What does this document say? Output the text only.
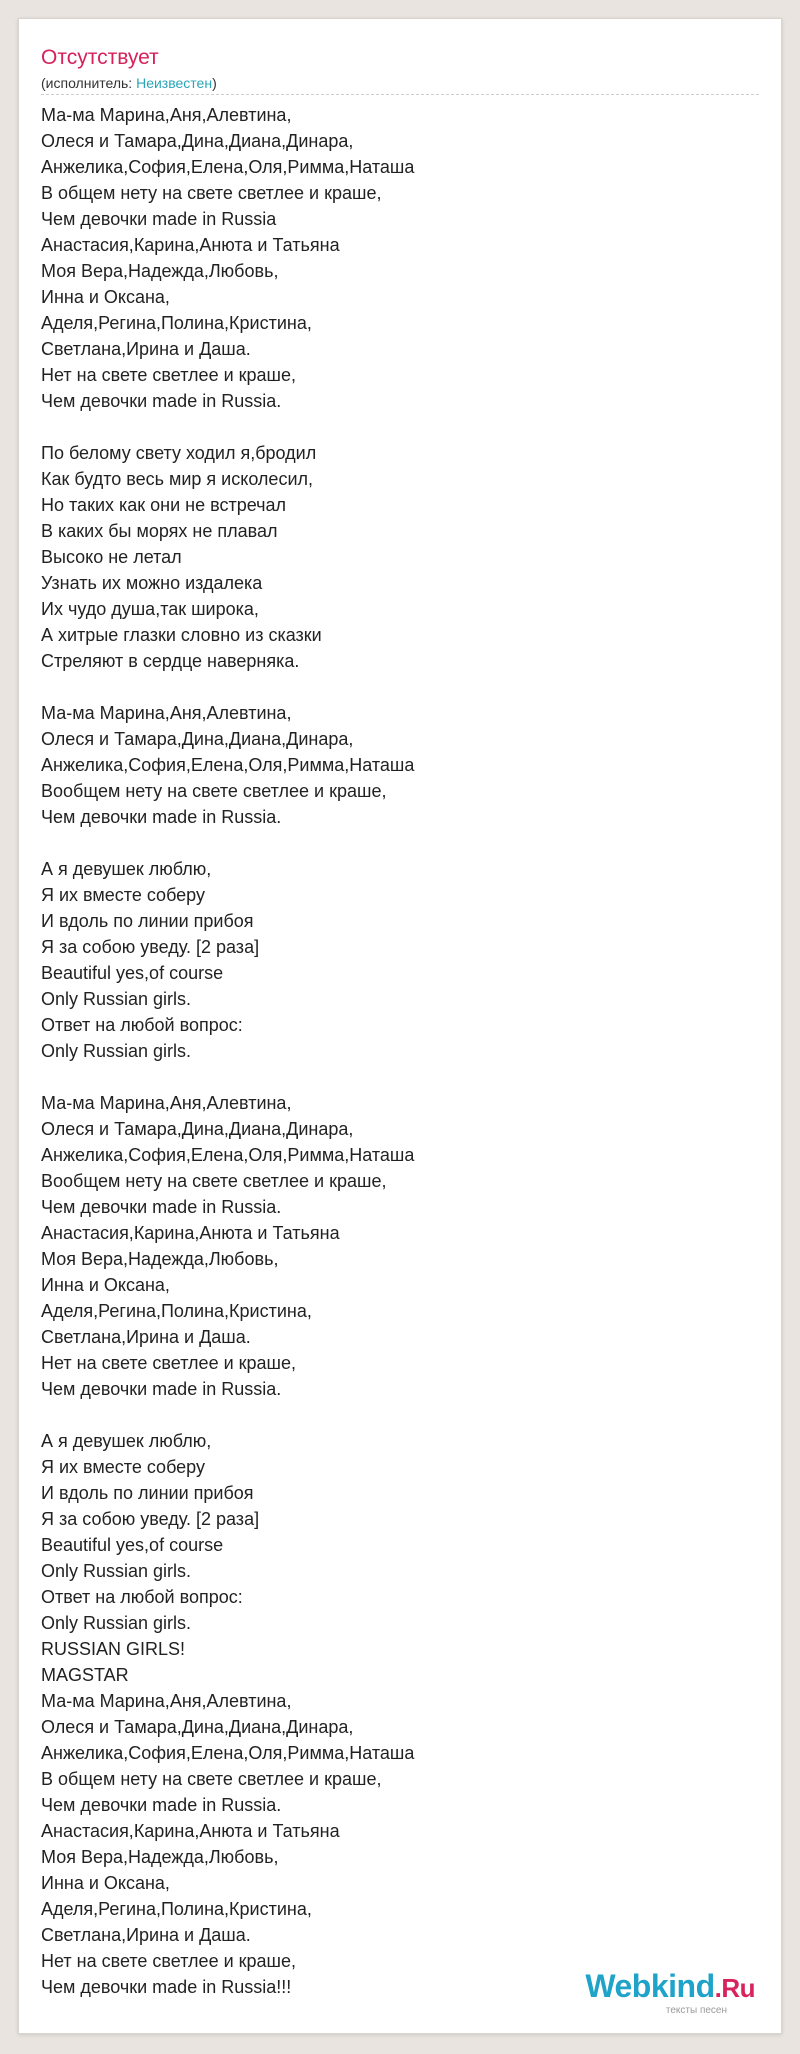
Отсутствует
(исполнитель: Неизвестен)
Ма-ма Марина,Аня,Алевтина,
Олеся и Тамара,Дина,Диана,Динара,
Анжелика,София,Елена,Оля,Римма,Наташа
В общем нету на свете светлее и краше,
Чем девочки made in Russia
Анастасия,Карина,Анюта и Татьяна
Моя Вера,Надежда,Любовь,
Инна и Оксана,
Аделя,Регина,Полина,Кристина,
Светлана,Ирина и Даша.
Нет на свете светлее и краше,
Чем девочки made in Russia.
По белому свету ходил я,бродил
Как будто весь мир я исколесил,
Но таких как они не встречал
В каких бы морях не плавал
Высоко не летал
Узнать их можно издалека
Их чудо душа,так широка,
А хитрые глазки словно из сказки
Стреляют в сердце наверняка.
Ма-ма Марина,Аня,Алевтина,
Олеся и Тамара,Дина,Диана,Динара,
Анжелика,София,Елена,Оля,Римма,Наташа
Вообщем нету на свете светлее и краше,
Чем девочки made in Russia.
А я девушек люблю,
Я их вместе соберу
И вдоль по линии прибоя
Я за собою уведу. [2 раза]
Beautiful yes,of course
Only Russian girls.
Ответ на любой вопрос:
Only Russian girls.
Ма-ма Марина,Аня,Алевтина,
Олеся и Тамара,Дина,Диана,Динара,
Анжелика,София,Елена,Оля,Римма,Наташа
Вообщем нету на свете светлее и краше,
Чем девочки made in Russia.
Анастасия,Карина,Анюта и Татьяна
Моя Вера,Надежда,Любовь,
Инна и Оксана,
Аделя,Регина,Полина,Кристина,
Светлана,Ирина и Даша.
Нет на свете светлее и краше,
Чем девочки made in Russia.
А я девушек люблю,
Я их вместе соберу
И вдоль по линии прибоя
Я за собою уведу. [2 раза]
Beautiful yes,of course
Only Russian girls.
Ответ на любой вопрос:
Only Russian girls.
RUSSIAN GIRLS!
MAGSTAR
Ма-ма Марина,Аня,Алевтина,
Олеся и Тамара,Дина,Диана,Динара,
Анжелика,София,Елена,Оля,Римма,Наташа
В общем нету на свете светлее и краше,
Чем девочки made in Russia.
Анастасия,Карина,Анюта и Татьяна
Моя Вера,Надежда,Любовь,
Инна и Оксана,
Аделя,Регина,Полина,Кристина,
Светлана,Ирина и Даша.
Нет на свете светлее и краше,
Чем девочки made in Russia!!!	Webkind.Ru
тексты песен
